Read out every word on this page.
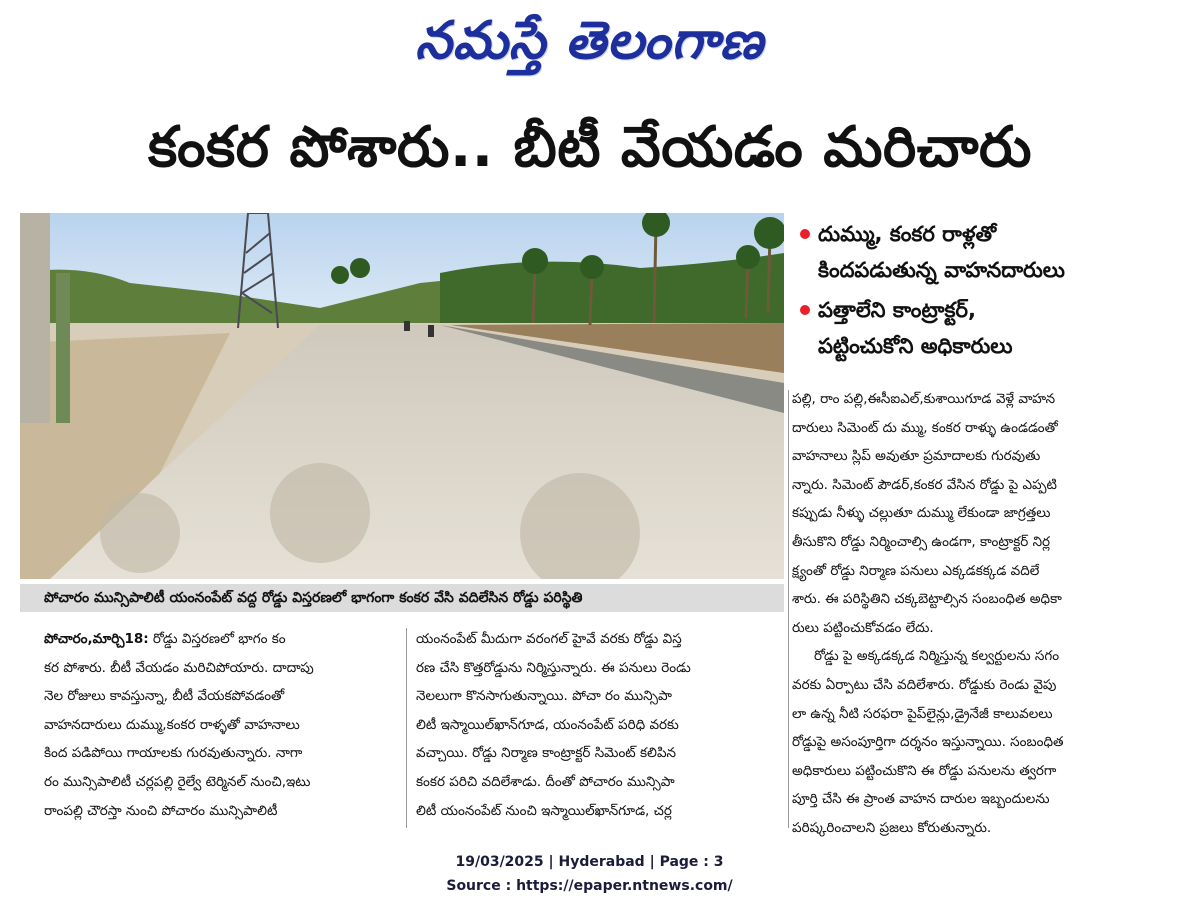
నమస్తే తెలంగాణ
కంకర పోశారు.. బీటీ వేయడం మరిచారు
పోచారం మున్సిపాలిటీ యంనంపేట్ వద్ద రోడ్డు విస్తరణలో భాగంగా కంకర వేసి వదిలేసిన రోడ్డు పరిస్థితి
దుమ్ము, కంకర రాళ్లతో
కిందపడుతున్న వాహనదారులు
పత్తాలేని కాంట్రాక్టర్,
పట్టించుకోని అధికారులు
పల్లి, రాం పల్లి,ఈసీఐఎల్,కుశాయిగూడ వెళ్లే వాహన
దారులు సిమెంట్ దు మ్ము, కంకర రాళ్ళు ఉండడంతో
వాహనాలు స్లిప్ అవుతూ ప్రమాదాలకు గురవుతు
న్నారు. సిమెంట్ పౌడర్,కంకర వేసిన రోడ్డు పై ఎప్పటి
కప్పుడు నీళ్ళు చల్లుతూ దుమ్ము లేకుండా జాగ్రత్తలు
తీసుకొని రోడ్డు నిర్మించాల్సి ఉండగా, కాంట్రాక్టర్ నిర్ల
క్ష్యంతో రోడ్డు నిర్మాణ పనులు ఎక్కడకక్కడ వదిలే
శారు. ఈ పరిస్థితిని చక్కబెట్టాల్సిన సంబంధిత అధికా
రులు పట్టించుకోవడం లేదు.
రోడ్డు పై అక్కడక్కడ నిర్మిస్తున్న కల్వర్టులను సగం
వరకు ఏర్పాటు చేసి వదిలేశారు. రోడ్డుకు రెండు వైపు
లా ఉన్న నీటి సరఫరా పైప్‌లైన్లు,డ్రైనేజీ కాలువలలు
రోడ్డుపై అసంపూర్తిగా దర్శనం ఇస్తున్నాయి. సంబంధిత
అధికారులు పట్టించుకొని ఈ రోడ్డు పనులను త్వరగా
పూర్తి చేసి ఈ ప్రాంత వాహన దారుల ఇబ్బందులను
పరిష్కరించాలని ప్రజలు కోరుతున్నారు.
పోచారం,మార్చి18: రోడ్డు విస్తరణలో భాగం కం
కర పోశారు. బీటీ వేయడం మరిచిపోయారు. దాదాపు
నెల రోజులు కావస్తున్నా, బీటీ వేయకపోవడంతో
వాహనదారులు దుమ్ము,కంకర రాళ్ళతో వాహనాలు
కింద పడిపోయి గాయాలకు గురవుతున్నారు. నాగా
రం మున్సిపాలిటీ చర్లపల్లి రైల్వే టెర్మినల్ నుంచి,ఇటు
రాంపల్లి చౌరస్తా నుంచి పోచారం మున్సిపాలిటీ
యంనంపేట్ మీదుగా వరంగల్ హైవే వరకు రోడ్డు విస్త
రణ చేసి కొత్తరోడ్డును నిర్మిస్తున్నారు. ఈ పనులు రెండు
నెలలుగా కొనసాగుతున్నాయి. పోచా రం మున్సిపా
లిటీ ఇస్మాయిల్‌ఖాన్‌గూడ, యంనంపేట్ పరిధి వరకు
వచ్చాయి. రోడ్డు నిర్మాణ కాంట్రాక్టర్ సిమెంట్ కలిపిన
కంకర పరిచి వదిలేశాడు. దీంతో పోచారం మున్సిపా
లిటీ యంనంపేట్ నుంచి ఇస్మాయిల్‌ఖాన్‌గూడ, చర్ల
19/03/2025 | Hyderabad | Page : 3
Source : https://epaper.ntnews.com/
